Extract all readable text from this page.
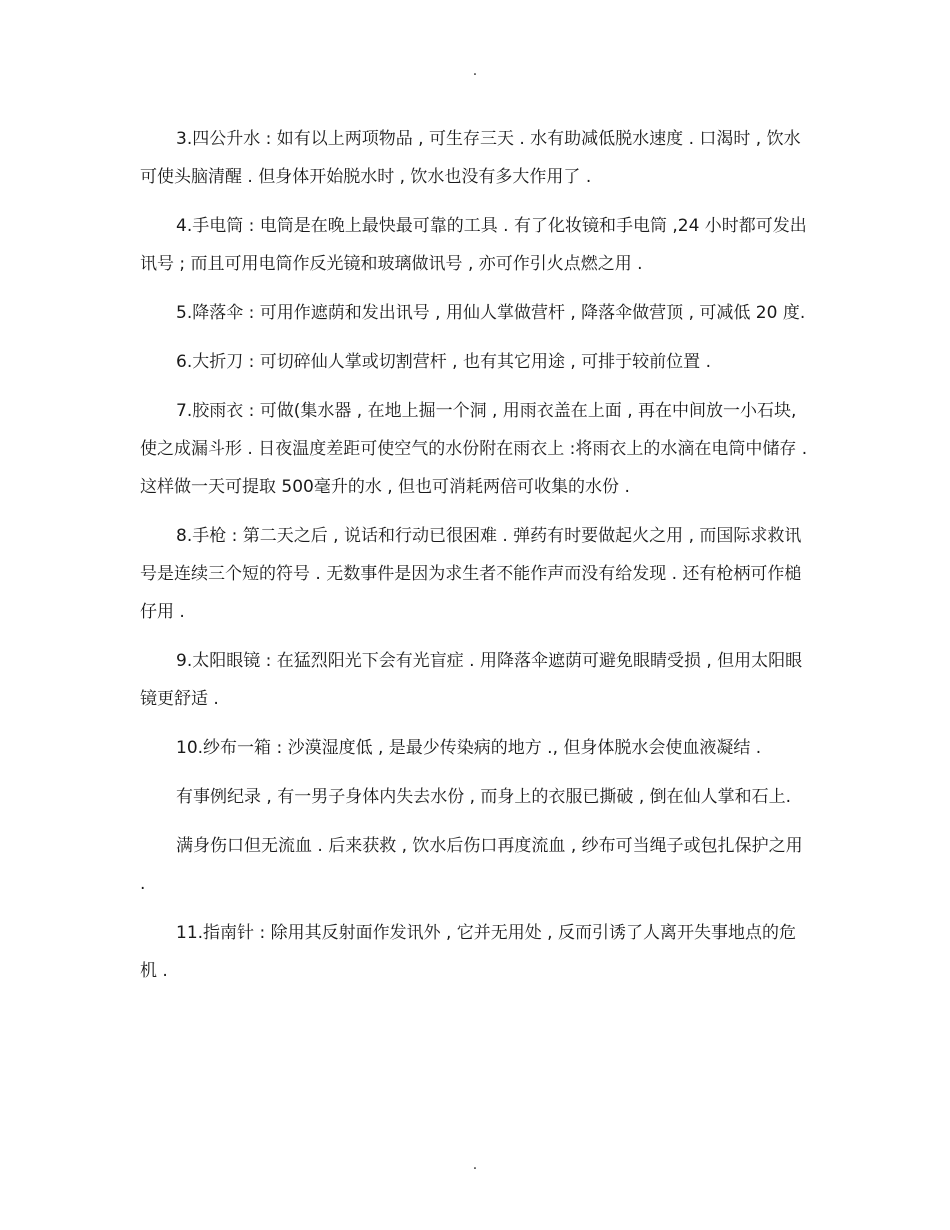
.

3.四公升水 : 如有以上两项物品 , 可生存三天 . 水有助减低脱水速度 . 口渴时 , 饮水可使头脑清醒 . 但身体开始脱水时 , 饮水也没有多大作用了 .

4.手电筒 : 电筒是在晚上最快最可靠的工具 . 有了化妆镜和手电筒 ,24 小时都可发出讯号 ; 而且可用电筒作反光镜和玻璃做讯号 , 亦可作引火点燃之用 .

5.降落伞 : 可用作遮荫和发出讯号 , 用仙人掌做营杆 , 降落伞做营顶 , 可减低 20 度.

6.大折刀 : 可切碎仙人掌或切割营杆 , 也有其它用途 , 可排于较前位置 .

7.胶雨衣 : 可做(集水器 , 在地上掘一个洞 , 用雨衣盖在上面 , 再在中间放一小石块, 使之成漏斗形 . 日夜温度差距可使空气的水份附在雨衣上 :将雨衣上的水滴在电筒中储存 . 这样做一天可提取 500毫升的水 , 但也可消耗两倍可收集的水份 .

8.手枪 : 第二天之后 , 说话和行动已很困难 . 弹药有时要做起火之用 , 而国际求救讯号是连续三个短的符号 . 无数事件是因为求生者不能作声而没有给发现 . 还有枪柄可作槌仔用 .

9.太阳眼镜 : 在猛烈阳光下会有光盲症 . 用降落伞遮荫可避免眼睛受损 , 但用太阳眼镜更舒适 .

10.纱布一箱 : 沙漠湿度低 , 是最少传染病的地方 ., 但身体脱水会使血液凝结 .

有事例纪录 , 有一男子身体内失去水份 , 而身上的衣服已撕破 , 倒在仙人掌和石上.

满身伤口但无流血 . 后来获救 , 饮水后伤口再度流血 , 纱布可当绳子或包扎保护之用 .

11.指南针 : 除用其反射面作发讯外 , 它并无用处 , 反而引诱了人离开失事地点的危机 .

.
